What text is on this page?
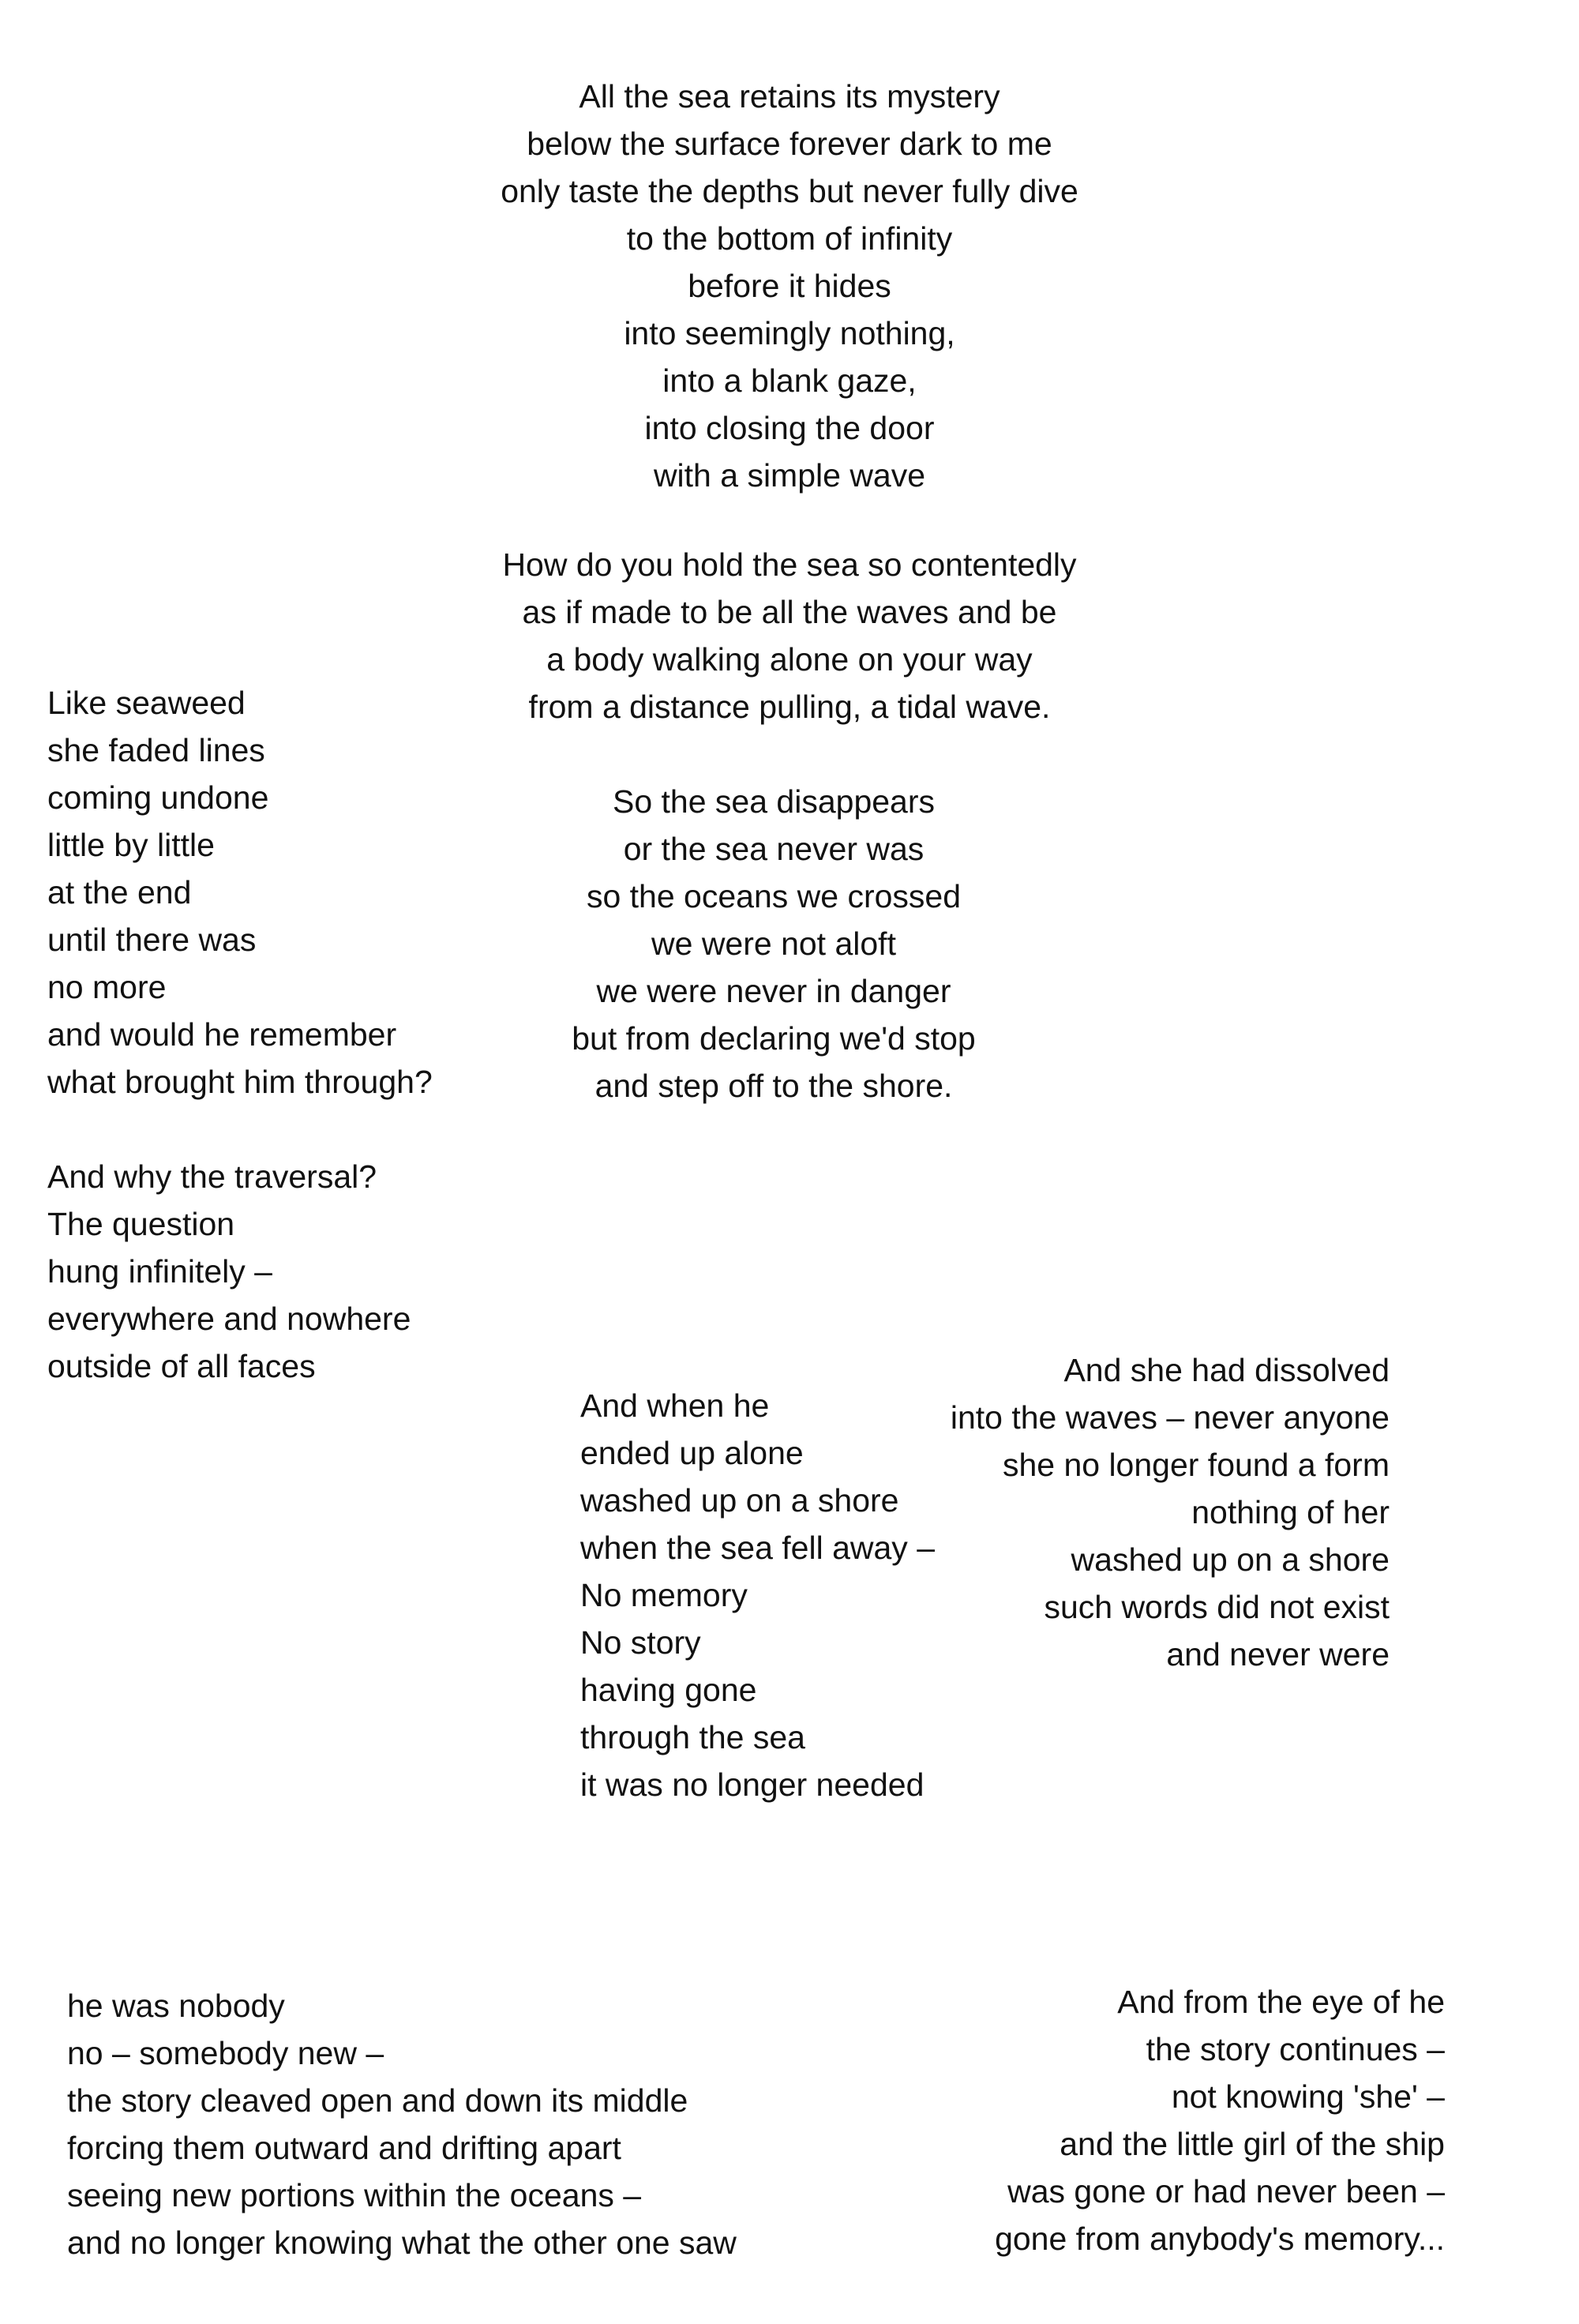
All the sea retains its mystery
below the surface forever dark to me
only taste the depths but never fully dive
to the bottom of infinity
before it hides
into seemingly nothing,
into a blank gaze,
into closing the door
with a simple wave
How do you hold the sea so contentedly
as if made to be all the waves and be
a body walking alone on your way
from a distance pulling, a tidal wave.
So the sea disappears
or the sea never was
so the oceans we crossed
we were not aloft
we were never in danger
but from declaring we'd stop
and step off to the shore.
Like seaweed
she faded lines
coming undone
little by little
at the end
until there was
no more
and would he remember
what brought him through?
And why the traversal?
The question
hung infinitely –
everywhere and nowhere
outside of all faces
And when he
ended up alone
washed up on a shore
when the sea fell away –
No memory
No story
having gone
through the sea
it was no longer needed
And she had dissolved
into the waves – never anyone
she no longer found a form
nothing of her
washed up on a shore
such words did not exist
and never were
he was nobody
no – somebody new –
the story cleaved open and down its middle
forcing them outward and drifting apart
seeing new portions within the oceans –
and no longer knowing what the other one saw
And from the eye of he
the story continues –
not knowing 'she' –
and the little girl of the ship
was gone or had never been –
gone from anybody's memory...
